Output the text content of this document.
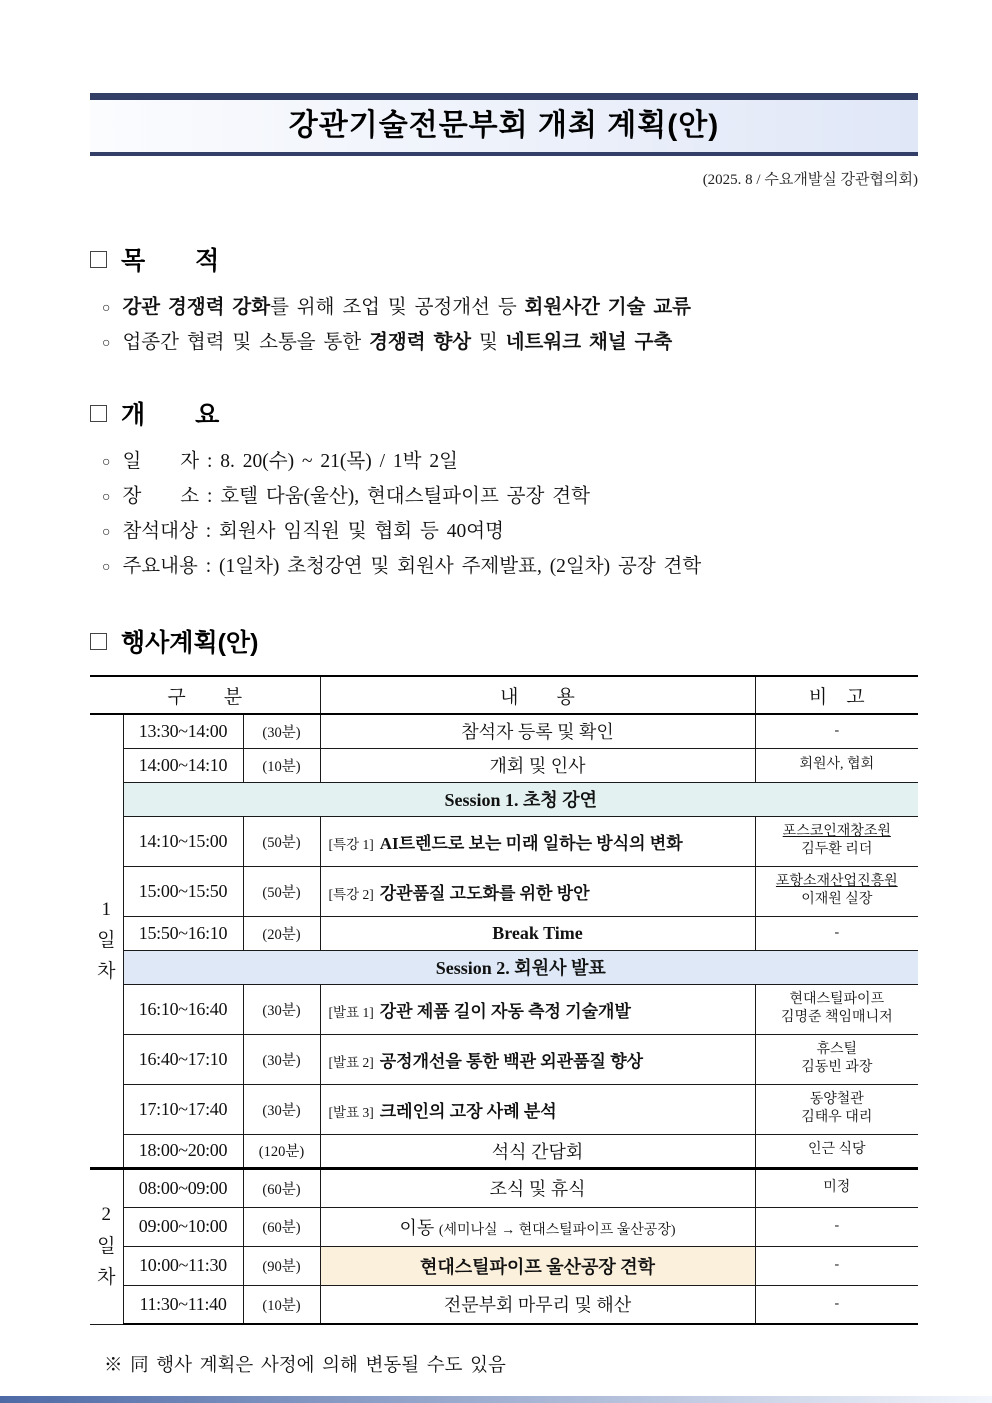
강관기술전문부회 개최 계획(안)
(2025. 8 / 수요개발실 강관협의회)
목　　적
○ 강관 경쟁력 강화를 위해 조업 및 공정개선 등 회원사간 기술 교류
○ 업종간 협력 및 소통을 통한 경쟁력 향상 및 네트워크 채널 구축
개　　요
○ 일　　자 : 8. 20(수) ~ 21(목) / 1박 2일
○ 장　　소 : 호텔 다움(울산), 현대스틸파이프 공장 견학
○ 참석대상 : 회원사 임직원 및 협회 등 40여명
○ 주요내용 : (1일차) 초청강연 및 회원사 주제발표, (2일차) 공장 견학
행사계획(안)
구　　분			내　　용	비　고
1
일
차	13:30~14:00	(30분)	참석자 등록 및 확인	-
	14:00~14:10	(10분)	개회 및 인사	회원사, 협회
	Session 1. 초청 강연			
	14:10~15:00	(50분)	[특강 1] AI트렌드로 보는 미래 일하는 방식의 변화	포스코인재창조원
김두환 리더
	15:00~15:50	(50분)	[특강 2] 강관품질 고도화를 위한 방안	포항소재산업진흥원
이재원 실장
	15:50~16:10	(20분)	Break Time	-
	Session 2. 회원사 발표			
	16:10~16:40	(30분)	[발표 1] 강관 제품 길이 자동 측정 기술개발	현대스틸파이프
김명준 책임매니저
	16:40~17:10	(30분)	[발표 2] 공정개선을 통한 백관 외관품질 향상	휴스틸
김동빈 과장
	17:10~17:40	(30분)	[발표 3] 크레인의 고장 사례 분석	동양철관
김태우 대리
	18:00~20:00	(120분)	석식 간담회	인근 식당
2
일
차	08:00~09:00	(60분)	조식 및 휴식	미정
	09:00~10:00	(60분)	이동 (세미나실 → 현대스틸파이프 울산공장)	-
	10:00~11:30	(90분)	현대스틸파이프 울산공장 견학	-
	11:30~11:40	(10분)	전문부회 마무리 및 해산	-
※ 同 행사 계획은 사정에 의해 변동될 수도 있음
